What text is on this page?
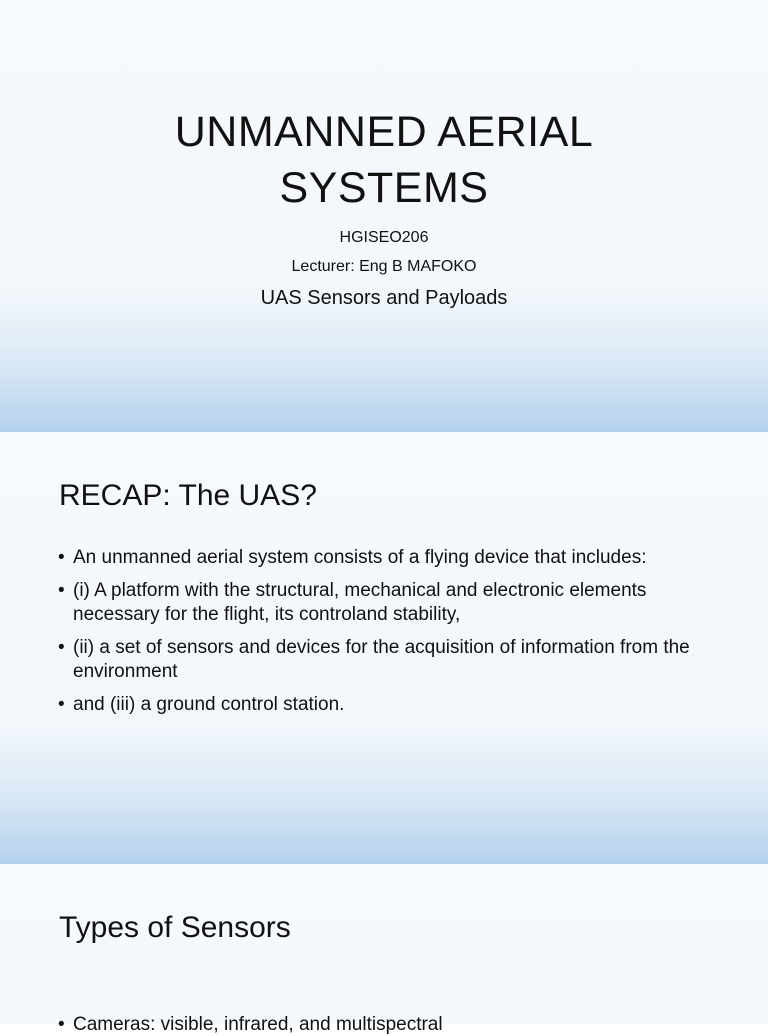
UNMANNED AERIAL
SYSTEMS
HGISEO206
Lecturer: Eng B MAFOKO
UAS Sensors and Payloads
RECAP: The UAS?
• An unmanned aerial system consists of a flying device that includes:
• (i) A platform with the structural, mechanical and electronic elements necessary for the flight, its controland stability,
• (ii) a set of sensors and devices for the acquisition of information from the environment
• and (iii) a ground control station.
Types of Sensors
• Cameras: visible, infrared, and multispectral
